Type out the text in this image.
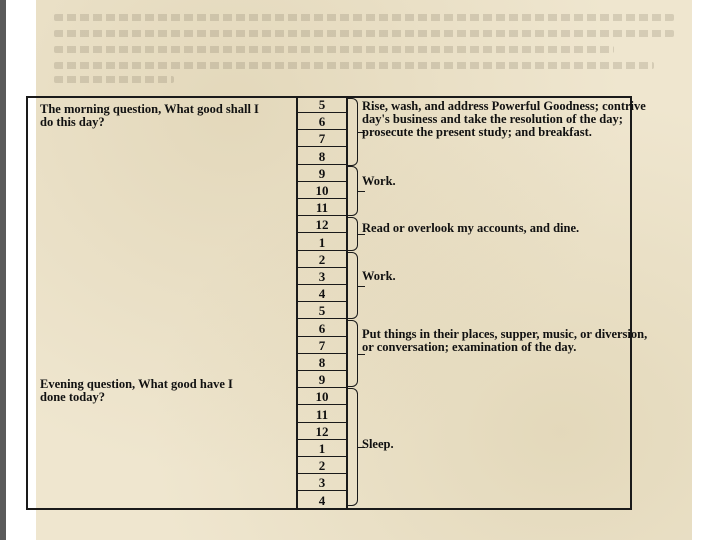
The morning question, What good shall I do this day?
Evening question, What good have I done today?
5
6
7
8
9
10
11
12
1
2
3
4
5
6
7
8
9
10
11
12
1
2
3
4
Rise, wash, and address Powerful Goodness; contrive day's business and take the resolution of the day; prosecute the present study; and breakfast.
Work.
Read or overlook my accounts, and dine.
Work.
Put things in their places, supper, music, or diversion, or conversation; examination of the day.
Sleep.
